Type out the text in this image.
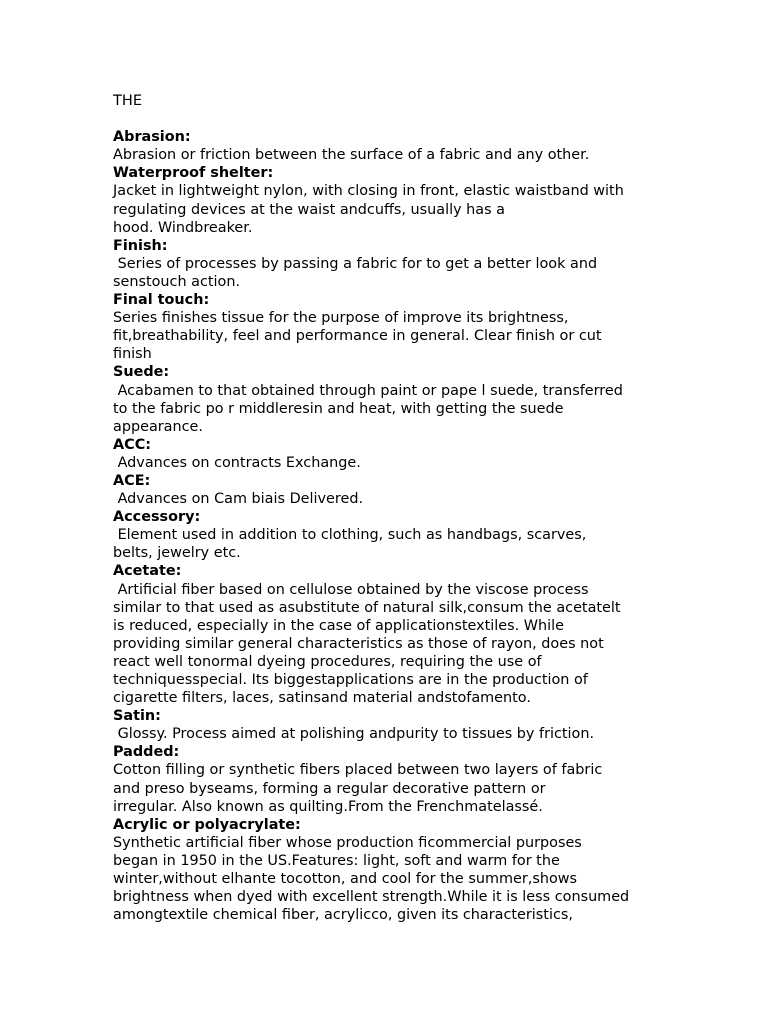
THE
Abrasion:
Abrasion or friction between the surface of a fabric and any other.
Waterproof shelter:
Jacket in lightweight nylon, with closing in front, elastic waistband with
regulating devices at the waist andcuffs, usually has a
hood. Windbreaker.
Finish:
Series of processes by passing a fabric for to get a better look and
senstouch action.
Final touch:
Series finishes tissue for the purpose of improve its brightness,
fit,breathability, feel and performance in general. Clear finish or cut
finish
Suede:
Acabamen to that obtained through paint or pape l suede, transferred
to the fabric po r middleresin and heat, with getting the suede
appearance.
ACC:
Advances on contracts Exchange.
ACE:
Advances on Cam biais Delivered.
Accessory:
Element used in addition to clothing, such as handbags, scarves,
belts, jewelry etc.
Acetate:
Artificial fiber based on cellulose obtained by the viscose process
similar to that used as asubstitute of natural silk,consum the acetatelt
is reduced, especially in the case of applicationstextiles. While
providing similar general characteristics as those of rayon, does not
react well tonormal dyeing procedures, requiring the use of
techniquesspecial. Its biggestapplications are in the production of
cigarette filters, laces, satinsand material andstofamento.
Satin:
Glossy. Process aimed at polishing andpurity to tissues by friction.
Padded:
Cotton filling or synthetic fibers placed between two layers of fabric
and preso byseams, forming a regular decorative pattern or
irregular. Also known as quilting.From the Frenchmatelassé.
Acrylic or polyacrylate:
Synthetic artificial fiber whose production ficommercial purposes
began in 1950 in the US.Features: light, soft and warm for the
winter,without elhante tocotton, and cool for the summer,shows
brightness when dyed with excellent strength.While it is less consumed
amongtextile chemical fiber, acrylicco, given its characteristics,
